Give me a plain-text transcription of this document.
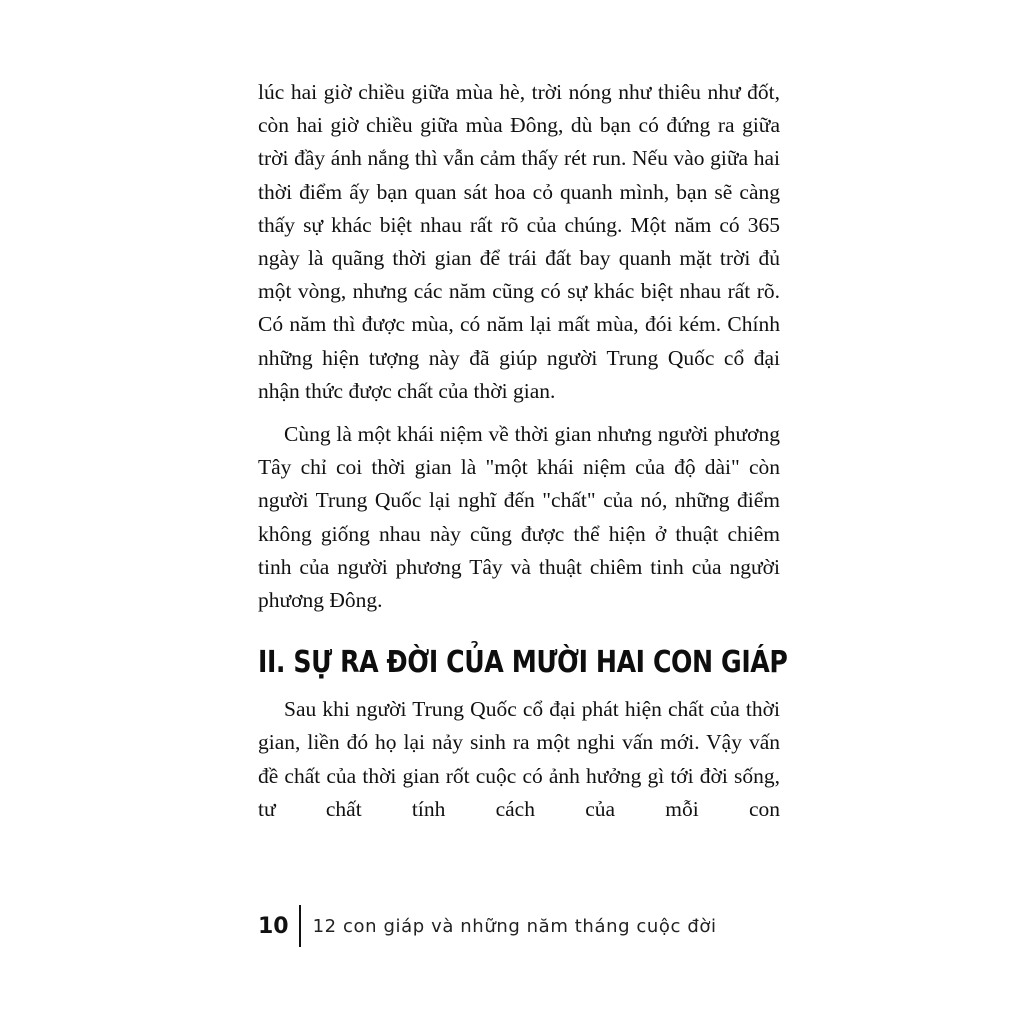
lúc hai giờ chiều giữa mùa hè, trời nóng như thiêu như đốt, còn hai giờ chiều giữa mùa Đông, dù bạn có đứng ra giữa trời đầy ánh nắng thì vẫn cảm thấy rét run. Nếu vào giữa hai thời điểm ấy bạn quan sát hoa cỏ quanh mình, bạn sẽ càng thấy sự khác biệt nhau rất rõ của chúng. Một năm có 365 ngày là quãng thời gian để trái đất bay quanh mặt trời đủ một vòng, nhưng các năm cũng có sự khác biệt nhau rất rõ. Có năm thì được mùa, có năm lại mất mùa, đói kém. Chính những hiện tượng này đã giúp người Trung Quốc cổ đại nhận thức được chất của thời gian.

Cùng là một khái niệm về thời gian nhưng người phương Tây chỉ coi thời gian là "một khái niệm của độ dài" còn người Trung Quốc lại nghĩ đến "chất" của nó, những điểm không giống nhau này cũng được thể hiện ở thuật chiêm tinh của người phương Tây và thuật chiêm tinh của người phương Đông.

II. SỰ RA ĐỜI CỦA MƯỜI HAI CON GIÁP

Sau khi người Trung Quốc cổ đại phát hiện chất của thời gian, liền đó họ lại nảy sinh ra một nghi vấn mới. Vậy vấn đề chất của thời gian rốt cuộc có ảnh hưởng gì tới đời sống, tư chất tính cách của mỗi con

10	12 con giáp và những năm tháng cuộc đời
